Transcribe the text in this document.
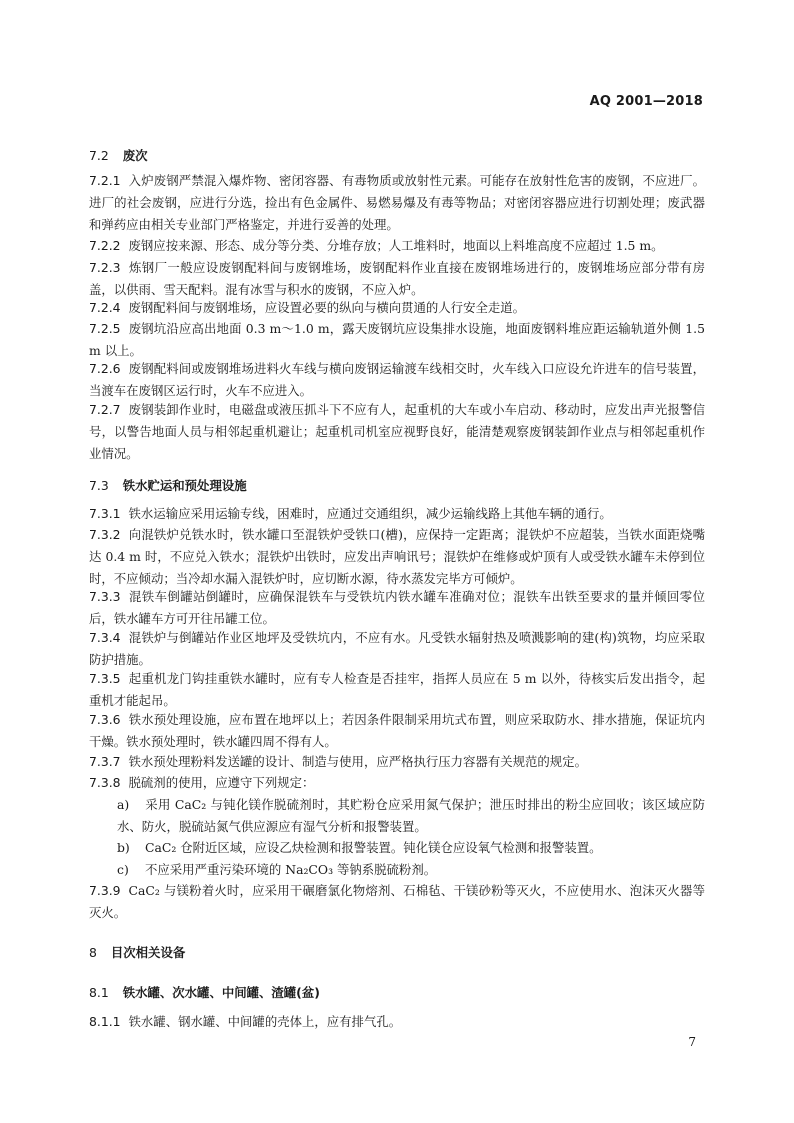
AQ 2001—2018
7.2 废次
7.2.1 入炉废钢严禁混入爆炸物、密闭容器、有毒物质或放射性元素。可能存在放射性危害的废钢，不应进厂。进厂的社会废钢，应进行分选，捡出有色金属件、易燃易爆及有毒等物品；对密闭容器应进行切割处理；废武器和弹药应由相关专业部门严格鉴定，并进行妥善的处理。
7.2.2 废钢应按来源、形态、成分等分类、分堆存放；人工堆料时，地面以上料堆高度不应超过 1.5 m。
7.2.3 炼钢厂一般应设废钢配料间与废钢堆场，废钢配料作业直接在废钢堆场进行的，废钢堆场应部分带有房盖，以供雨、雪天配料。混有冰雪与积水的废钢，不应入炉。
7.2.4 废钢配料间与废钢堆场，应设置必要的纵向与横向贯通的人行安全走道。
7.2.5 废钢坑沿应高出地面 0.3 m～1.0 m，露天废钢坑应设集排水设施，地面废钢料堆应距运输轨道外侧 1.5 m 以上。
7.2.6 废钢配料间或废钢堆场进料火车线与横向废钢运输渡车线相交时，火车线入口应设允许进车的信号装置，当渡车在废钢区运行时，火车不应进入。
7.2.7 废钢装卸作业时，电磁盘或液压抓斗下不应有人，起重机的大车或小车启动、移动时，应发出声光报警信号，以警告地面人员与相邻起重机避让；起重机司机室应视野良好，能清楚观察废钢装卸作业点与相邻起重机作业情况。
7.3 铁水贮运和预处理设施
7.3.1 铁水运输应采用运输专线，困难时，应通过交通组织，减少运输线路上其他车辆的通行。
7.3.2 向混铁炉兑铁水时，铁水罐口至混铁炉受铁口(槽)，应保持一定距离；混铁炉不应超装，当铁水面距烧嘴达 0.4 m 时，不应兑入铁水；混铁炉出铁时，应发出声响讯号；混铁炉在维修或炉顶有人或受铁水罐车未停到位时，不应倾动；当冷却水漏入混铁炉时，应切断水源，待水蒸发完毕方可倾炉。
7.3.3 混铁车倒罐站倒罐时，应确保混铁车与受铁坑内铁水罐车准确对位；混铁车出铁至要求的量并倾回零位后，铁水罐车方可开往吊罐工位。
7.3.4 混铁炉与倒罐站作业区地坪及受铁坑内，不应有水。凡受铁水辐射热及喷溅影响的建(构)筑物，均应采取防护措施。
7.3.5 起重机龙门钩挂重铁水罐时，应有专人检查是否挂牢，指挥人员应在 5 m 以外，待核实后发出指令，起重机才能起吊。
7.3.6 铁水预处理设施，应布置在地坪以上；若因条件限制采用坑式布置，则应采取防水、排水措施，保证坑内干燥。铁水预处理时，铁水罐四周不得有人。
7.3.7 铁水预处理粉料发送罐的设计、制造与使用，应严格执行压力容器有关规范的规定。
7.3.8 脱硫剂的使用，应遵守下列规定：
a) 采用 CaC₂ 与钝化镁作脱硫剂时，其贮粉仓应采用氮气保护；泄压时排出的粉尘应回收；该区域应防水、防火，脱硫站氮气供应源应有湿气分析和报警装置。
b) CaC₂ 仓附近区域，应设乙炔检测和报警装置。钝化镁仓应设氧气检测和报警装置。
c) 不应采用严重污染环境的 Na₂CO₃ 等钠系脱硫粉剂。
7.3.9 CaC₂ 与镁粉着火时，应采用干碾磨氯化物熔剂、石棉毡、干镁砂粉等灭火，不应使用水、泡沫灭火器等灭火。
8 目次相关设备
8.1 铁水罐、次水罐、中间罐、渣罐(盆)
8.1.1 铁水罐、钢水罐、中间罐的壳体上，应有排气孔。
7
